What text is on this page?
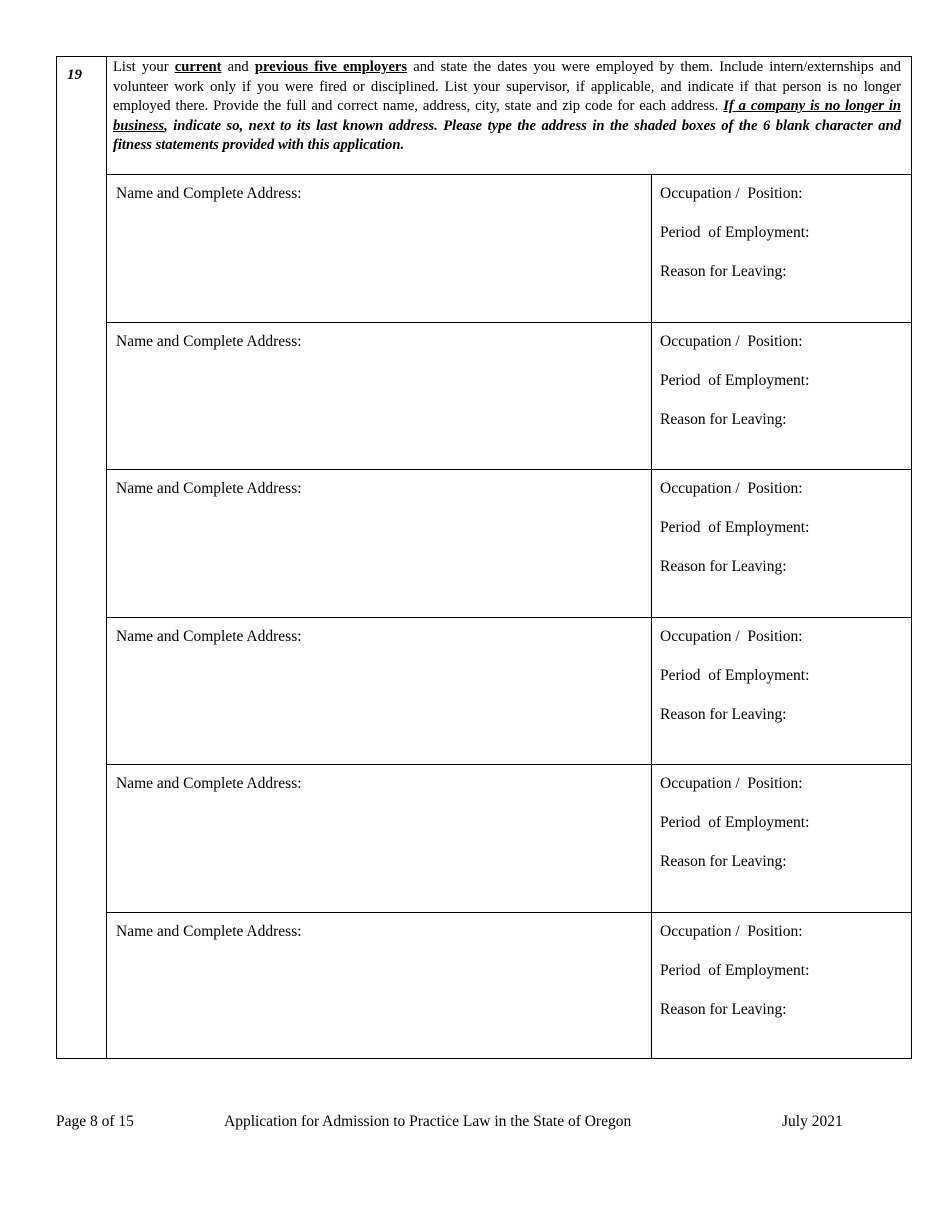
19 List your current and previous five employers and state the dates you were employed by them. Include intern/externships and volunteer work only if you were fired or disciplined. List your supervisor, if applicable, and indicate if that person is no longer employed there. Provide the full and correct name, address, city, state and zip code for each address. If a company is no longer in business, indicate so, next to its last known address. Please type the address in the shaded boxes of the 6 blank character and fitness statements provided with this application.
Name and Complete Address:	Occupation /  Position:
Period  of Employment:
Reason for Leaving:
Name and Complete Address:	Occupation /  Position:
Period  of Employment:
Reason for Leaving:
Name and Complete Address:	Occupation /  Position:
Period  of Employment:
Reason for Leaving:
Name and Complete Address:	Occupation /  Position:
Period  of Employment:
Reason for Leaving:
Name and Complete Address:	Occupation /  Position:
Period  of Employment:
Reason for Leaving:
Name and Complete Address:	Occupation /  Position:
Period  of Employment:
Reason for Leaving:
Page 8 of 15	Application for Admission to Practice Law in the State of Oregon	July 2021
